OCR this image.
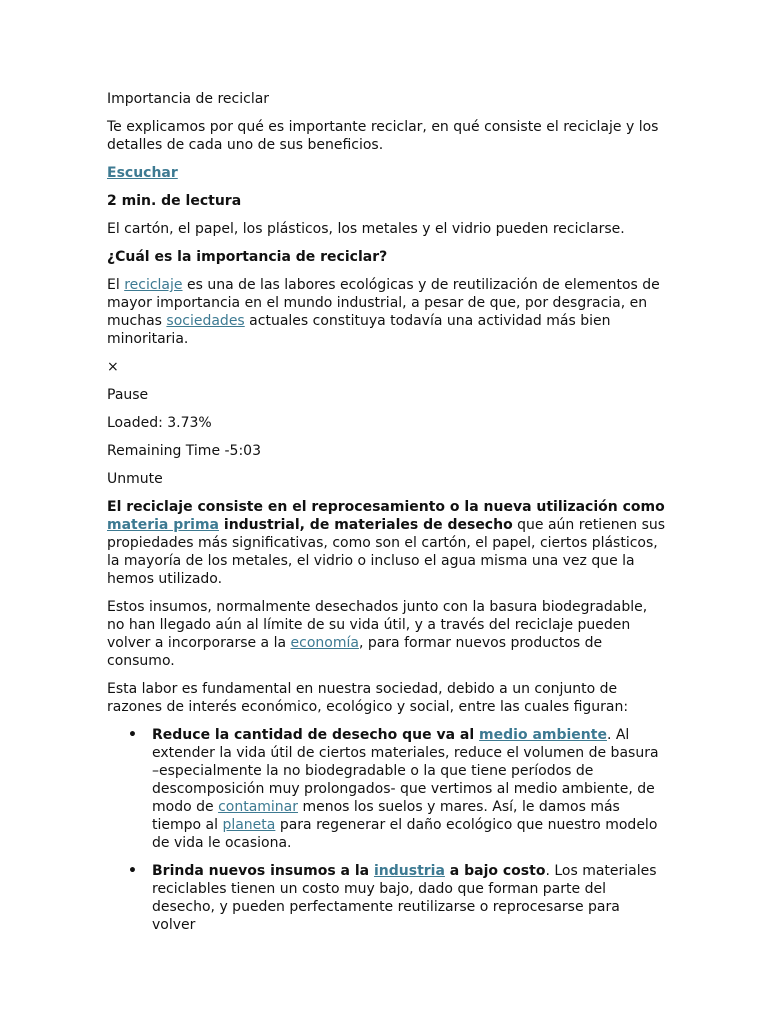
Importancia de reciclar

Te explicamos por qué es importante reciclar, en qué consiste el reciclaje y los detalles de cada uno de sus beneficios.

Escuchar

2 min. de lectura

El cartón, el papel, los plásticos, los metales y el vidrio pueden reciclarse.

¿Cuál es la importancia de reciclar?

El reciclaje es una de las labores ecológicas y de reutilización de elementos de mayor importancia en el mundo industrial, a pesar de que, por desgracia, en muchas sociedades actuales constituya todavía una actividad más bien minoritaria.

×

Pause

Loaded: 3.73%

Remaining Time -5:03

Unmute

El reciclaje consiste en el reprocesamiento o la nueva utilización como materia prima industrial, de materiales de desecho que aún retienen sus propiedades más significativas, como son el cartón, el papel, ciertos plásticos, la mayoría de los metales, el vidrio o incluso el agua misma una vez que la hemos utilizado.

Estos insumos, normalmente desechados junto con la basura biodegradable, no han llegado aún al límite de su vida útil, y a través del reciclaje pueden volver a incorporarse a la economía, para formar nuevos productos de consumo.

Esta labor es fundamental en nuestra sociedad, debido a un conjunto de razones de interés económico, ecológico y social, entre las cuales figuran:

• Reduce la cantidad de desecho que va al medio ambiente. Al extender la vida útil de ciertos materiales, reduce el volumen de basura –especialmente la no biodegradable o la que tiene períodos de descomposición muy prolongados- que vertimos al medio ambiente, de modo de contaminar menos los suelos y mares. Así, le damos más tiempo al planeta para regenerar el daño ecológico que nuestro modelo de vida le ocasiona.
• Brinda nuevos insumos a la industria a bajo costo. Los materiales reciclables tienen un costo muy bajo, dado que forman parte del desecho, y pueden perfectamente reutilizarse o reprocesarse para volver
